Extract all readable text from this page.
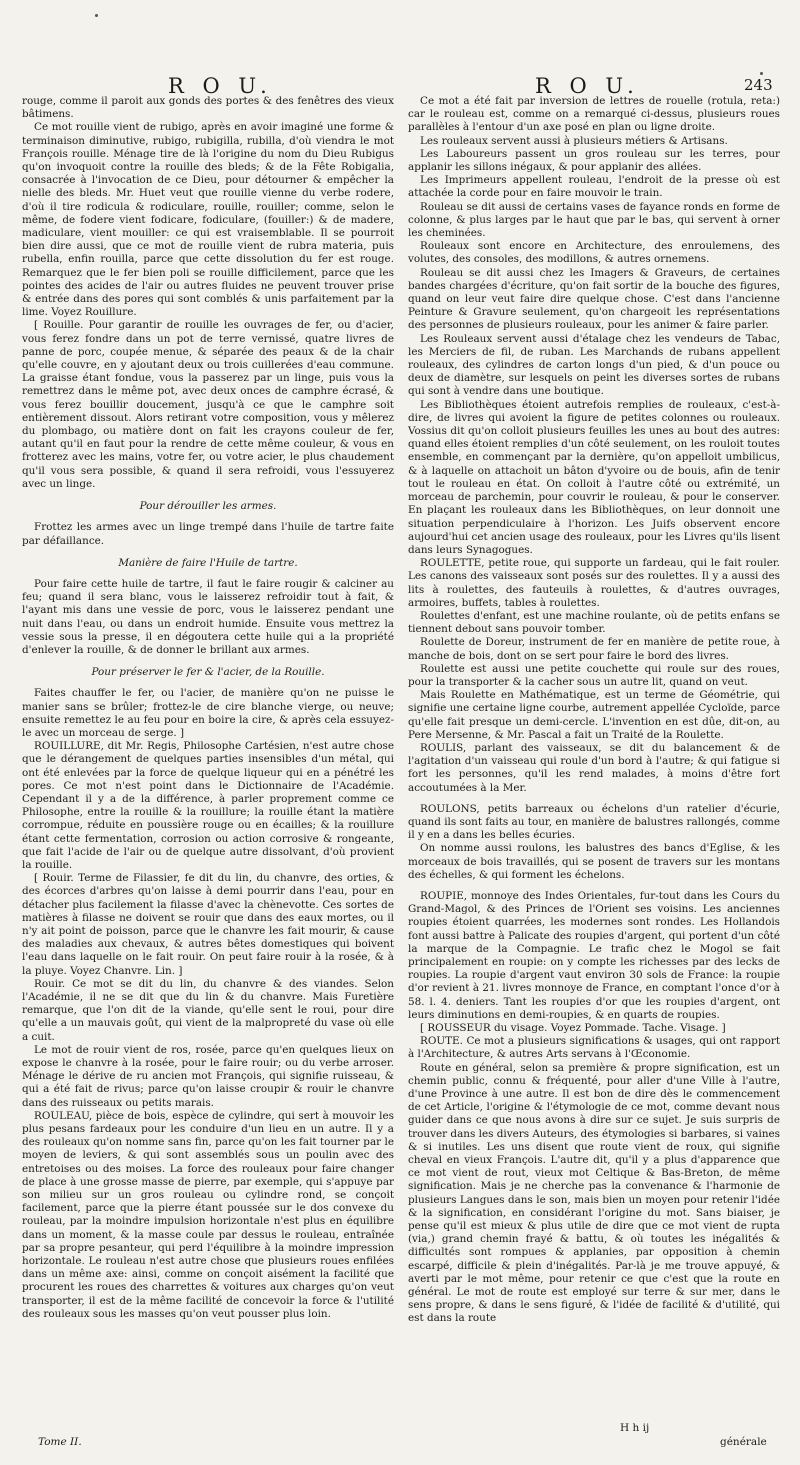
R O U.	R O U.	243

rouge, comme il paroit aux gonds des portes & des fenêtres des vieux bâtimens.

Ce mot rouille vient de rubigo, après en avoir imaginé une forme & terminaison diminutive, rubigo, rubigilla, rubilla, d'où viendra le mot François rouille. Ménage tire de là l'origine du nom du Dieu Rubigus qu'on invoquoit contre la rouille des bleds; & de la Fête Robigalia, consacrée à l'invocation de ce Dieu, pour détourner & empêcher la nielle des bleds. Mr. Huet veut que rouille vienne du verbe rodere, d'où il tire rodicula & rodiculare, rouille, rouiller; comme, selon le même, de fodere vient fodicare, fodiculare, (fouiller:) & de madere, madiculare, vient mouiller: ce qui est vraisemblable. Il se pourroit bien dire aussi, que ce mot de rouille vient de rubra materia, puis rubella, enfin rouilla, parce que cette dissolution du fer est rouge. Remarquez que le fer bien poli se rouille difficilement, parce que les pointes des acides de l'air ou autres fluides ne peuvent trouver prise & entrée dans des pores qui sont comblés & unis parfaitement par la lime. Voyez Rouillure.

[ Rouille. Pour garantir de rouille les ouvrages de fer, ou d'acier, vous ferez fondre dans un pot de terre vernissé, quatre livres de panne de porc, coupée menue, & séparée des peaux & de la chair qu'elle couvre, en y ajoutant deux ou trois cuillerées d'eau commune. La graisse étant fondue, vous la passerez par un linge, puis vous la remettrez dans le même pot, avec deux onces de camphre écrasé, & vous ferez bouillir doucement, jusqu'à ce que le camphre soit entièrement dissout. Alors retirant votre composition, vous y mêlerez du plombago, ou matière dont on fait les crayons couleur de fer, autant qu'il en faut pour la rendre de cette même couleur, & vous en frotterez avec les mains, votre fer, ou votre acier, le plus chaudement qu'il vous sera possible, & quand il sera refroidi, vous l'essuyerez avec un linge.

Pour dérouiller les armes.

Frottez les armes avec un linge trempé dans l'huile de tartre faite par défaillance.

Manière de faire l'Huile de tartre.

Pour faire cette huile de tartre, il faut le faire rougir & calciner au feu; quand il sera blanc, vous le laisserez refroidir tout à fait, & l'ayant mis dans une vessie de porc, vous le laisserez pendant une nuit dans l'eau, ou dans un endroit humide. Ensuite vous mettrez la vessie sous la presse, il en dégoutera cette huile qui a la propriété d'enlever la rouille, & de donner le brillant aux armes.

Pour préserver le fer & l'acier, de la Rouille.

Faites chauffer le fer, ou l'acier, de manière qu'on ne puisse le manier sans se brûler; frottez-le de cire blanche vierge, ou neuve; ensuite remettez le au feu pour en boire la cire, & après cela essuyez-le avec un morceau de serge. ]

ROUILLURE, dit Mr. Regis, Philosophe Cartésien, n'est autre chose que le dérangement de quelques parties insensibles d'un métal, qui ont été enlevées par la force de quelque liqueur qui en a pénétré les pores. Ce mot n'est point dans le Dictionnaire de l'Académie. Cependant il y a de la différence, à parler proprement comme ce Philosophe, entre la rouille & la rouillure; la rouille étant la matière corrompue, réduite en poussière rouge ou en écailles; & la rouillure étant cette fermentation, corrosion ou action corrosive & rongeante, que fait l'acide de l'air ou de quelque autre dissolvant, d'où provient la rouille.

[ Rouir. Terme de Filassier, fe dit du lin, du chanvre, des orties, & des écorces d'arbres qu'on laisse à demi pourrir dans l'eau, pour en détacher plus facilement la filasse d'avec la chènevotte. Ces sortes de matières à filasse ne doivent se rouir que dans des eaux mortes, ou il n'y ait point de poisson, parce que le chanvre les fait mourir, & cause des maladies aux chevaux, & autres bêtes domestiques qui boivent l'eau dans laquelle on le fait rouir. On peut faire rouir à la rosée, & à la pluye. Voyez Chanvre. Lin. ]

Rouir. Ce mot se dit du lin, du chanvre & des viandes. Selon l'Académie, il ne se dit que du lin & du chanvre. Mais Furetière remarque, que l'on dit de la viande, qu'elle sent le roui, pour dire qu'elle a un mauvais goût, qui vient de la malpropreté du vase où elle a cuit.

Le mot de rouir vient de ros, rosée, parce qu'en quelques lieux on expose le chanvre à la rosée, pour le faire rouir; ou du verbe arroser. Ménage le dérive de ru ancien mot François, qui signifie ruisseau, & qui a été fait de rivus; parce qu'on laisse croupir & rouir le chanvre dans des ruisseaux ou petits marais.

ROULEAU, pièce de bois, espèce de cylindre, qui sert à mouvoir les plus pesans fardeaux pour les conduire d'un lieu en un autre. Il y a des rouleaux qu'on nomme sans fin, parce qu'on les fait tourner par le moyen de leviers, & qui sont assemblés sous un poulin avec des entretoises ou des moises. La force des rouleaux pour faire changer de place à une grosse masse de pierre, par exemple, qui s'appuye par son milieu sur un gros rouleau ou cylindre rond, se conçoit facilement, parce que la pierre étant poussée sur le dos convexe du rouleau, par la moindre impulsion horizontale n'est plus en équilibre dans un moment, & la masse coule par dessus le rouleau, entraînée par sa propre pesanteur, qui perd l'équilibre à la moindre impression horizontale. Le rouleau n'est autre chose que plusieurs roues enfilées dans un même axe: ainsi, comme on conçoit aisément la facilité que procurent les roues des charrettes & voitures aux charges qu'on veut transporter, il est de la même facilité de concevoir la force & l'utilité des rouleaux sous les masses qu'on veut pousser plus loin.

Ce mot a été fait par inversion de lettres de rouelle (rotula, reta:) car le rouleau est, comme on a remarqué ci-dessus, plusieurs roues parallèles à l'entour d'un axe posé en plan ou ligne droite.

Les rouleaux servent aussi à plusieurs métiers & Artisans.

Les Laboureurs passent un gros rouleau sur les terres, pour applanir les sillons inégaux, & pour applanir des allées.

Les Imprimeurs appellent rouleau, l'endroit de la presse où est attachée la corde pour en faire mouvoir le train.

Rouleau se dit aussi de certains vases de fayance ronds en forme de colonne, & plus larges par le haut que par le bas, qui servent à orner les cheminées.

Rouleaux sont encore en Architecture, des enroulemens, des volutes, des consoles, des modillons, & autres ornemens.

Rouleau se dit aussi chez les Imagers & Graveurs, de certaines bandes chargées d'écriture, qu'on fait sortir de la bouche des figures, quand on leur veut faire dire quelque chose. C'est dans l'ancienne Peinture & Gravure seulement, qu'on chargeoit les représentations des personnes de plusieurs rouleaux, pour les animer & faire parler.

Les Rouleaux servent aussi d'étalage chez les vendeurs de Tabac, les Merciers de fil, de ruban. Les Marchands de rubans appellent rouleaux, des cylindres de carton longs d'un pied, & d'un pouce ou deux de diamètre, sur lesquels on peint les diverses sortes de rubans qui sont à vendre dans une boutique.

Les Bibliothèques étoient autrefois remplies de rouleaux, c'est-à-dire, de livres qui avoient la figure de petites colonnes ou rouleaux. Vossius dit qu'on colloit plusieurs feuilles les unes au bout des autres: quand elles étoient remplies d'un côté seulement, on les rouloit toutes ensemble, en commençant par la dernière, qu'on appelloit umbilicus, & à laquelle on attachoit un bâton d'yvoire ou de bouis, afin de tenir tout le rouleau en état. On colloit à l'autre côté ou extrémité, un morceau de parchemin, pour couvrir le rouleau, & pour le conserver. En plaçant les rouleaux dans les Bibliothèques, on leur donnoit une situation perpendiculaire à l'horizon. Les Juifs observent encore aujourd'hui cet ancien usage des rouleaux, pour les Livres qu'ils lisent dans leurs Synagogues.

ROULETTE, petite roue, qui supporte un fardeau, qui le fait rouler. Les canons des vaisseaux sont posés sur des roulettes. Il y a aussi des lits à roulettes, des fauteuils à roulettes, & d'autres ouvrages, armoires, buffets, tables à roulettes.

Roulettes d'enfant, est une machine roulante, où de petits enfans se tiennent debout sans pouvoir tomber.

Roulette de Doreur, instrument de fer en manière de petite roue, à manche de bois, dont on se sert pour faire le bord des livres.

Roulette est aussi une petite couchette qui roule sur des roues, pour la transporter & la cacher sous un autre lit, quand on veut.

Mais Roulette en Mathématique, est un terme de Géométrie, qui signifie une certaine ligne courbe, autrement appellée Cycloïde, parce qu'elle fait presque un demi-cercle. L'invention en est dûe, dit-on, au Pere Mersenne, & Mr. Pascal a fait un Traité de la Roulette.

ROULIS, parlant des vaisseaux, se dit du balancement & de l'agitation d'un vaisseau qui roule d'un bord à l'autre; & qui fatigue si fort les personnes, qu'il les rend malades, à moins d'être fort accoutumées à la Mer.

ROULONS, petits barreaux ou échelons d'un ratelier d'écurie, quand ils sont faits au tour, en manière de balustres rallongés, comme il y en a dans les belles écuries.

On nomme aussi roulons, les balustres des bancs d'Eglise, & les morceaux de bois travaillés, qui se posent de travers sur les montans des échelles, & qui forment les échelons.

ROUPIE, monnoye des Indes Orientales, fur-tout dans les Cours du Grand-Magol, & des Princes de l'Orient ses voisins. Les anciennes roupies étoient quarrées, les modernes sont rondes. Les Hollandois font aussi battre à Palicate des roupies d'argent, qui portent d'un côté la marque de la Compagnie. Le trafic chez le Mogol se fait principalement en roupie: on y compte les richesses par des lecks de roupies. La roupie d'argent vaut environ 30 sols de France: la roupie d'or revient à 21. livres monnoye de France, en comptant l'once d'or à 58. l. 4. deniers. Tant les roupies d'or que les roupies d'argent, ont leurs diminutions en demi-roupies, & en quarts de roupies.

[ ROUSSEUR du visage. Voyez Pommade. Tache. Visage. ]

ROUTE. Ce mot a plusieurs significations & usages, qui ont rapport à l'Architecture, & autres Arts servans à l'Œconomie.

Route en général, selon sa première & propre signification, est un chemin public, connu & fréquenté, pour aller d'une Ville à l'autre, d'une Province à une autre. Il est bon de dire dès le commencement de cet Article, l'origine & l'étymologie de ce mot, comme devant nous guider dans ce que nous avons à dire sur ce sujet. Je suis surpris de trouver dans les divers Auteurs, des étymologies si barbares, si vaines & si inutiles. Les uns disent que route vient de roux, qui signifie cheval en vieux François. L'autre dit, qu'il y a plus d'apparence que ce mot vient de rout, vieux mot Celtique & Bas-Breton, de même signification. Mais je ne cherche pas la convenance & l'harmonie de plusieurs Langues dans le son, mais bien un moyen pour retenir l'idée & la signification, en considérant l'origine du mot. Sans biaiser, je pense qu'il est mieux & plus utile de dire que ce mot vient de rupta (via,) grand chemin frayé & battu, & où toutes les inégalités & difficultés sont rompues & applanies, par opposition à chemin escarpé, difficile & plein d'inégalités. Par-là je me trouve appuyé, & averti par le mot même, pour retenir ce que c'est que la route en général. Le mot de route est employé sur terre & sur mer, dans le sens propre, & dans le sens figuré, & l'idée de facilité & d'utilité, qui est dans la route

Tome II.
H h ij
générale
